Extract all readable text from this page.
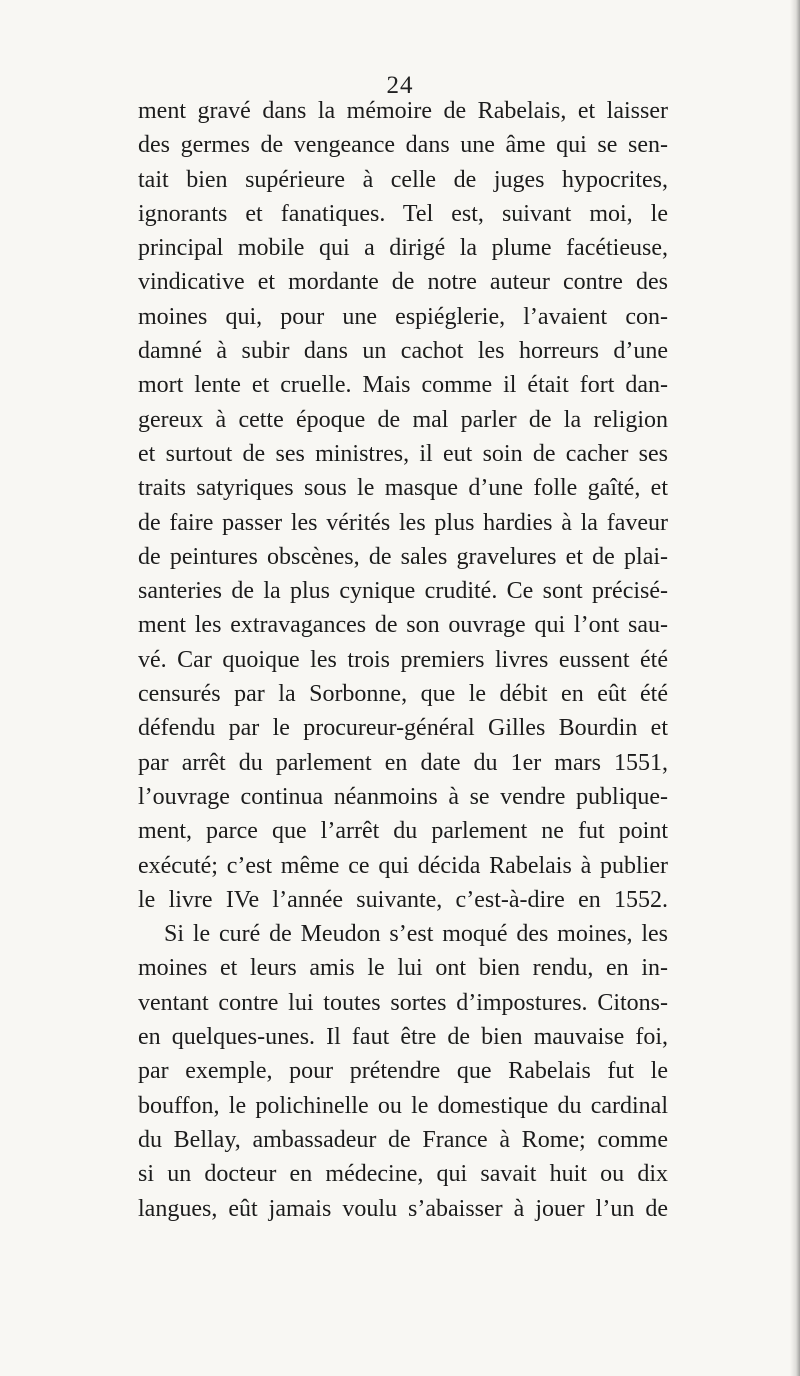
24
ment gravé dans la mémoire de Rabelais, et laisser
des germes de vengeance dans une âme qui se sen-
tait bien supérieure à celle de juges hypocrites,
ignorants et fanatiques. Tel est, suivant moi, le
principal mobile qui a dirigé la plume facétieuse,
vindicative et mordante de notre auteur contre des
moines qui, pour une espiéglerie, l’avaient con-
damné à subir dans un cachot les horreurs d’une
mort lente et cruelle. Mais comme il était fort dan-
gereux à cette époque de mal parler de la religion
et surtout de ses ministres, il eut soin de cacher ses
traits satyriques sous le masque d’une folle gaîté, et
de faire passer les vérités les plus hardies à la faveur
de peintures obscènes, de sales gravelures et de plai-
santeries de la plus cynique crudité. Ce sont précisé-
ment les extravagances de son ouvrage qui l’ont sau-
vé. Car quoique les trois premiers livres eussent été
censurés par la Sorbonne, que le débit en eût été
défendu par le procureur-général Gilles Bourdin et
par arrêt du parlement en date du 1er mars 1551,
l’ouvrage continua néanmoins à se vendre publique-
ment, parce que l’arrêt du parlement ne fut point
exécuté; c’est même ce qui décida Rabelais à publier
le livre IVe l’année suivante, c’est-à-dire en 1552.
Si le curé de Meudon s’est moqué des moines, les
moines et leurs amis le lui ont bien rendu, en in-
ventant contre lui toutes sortes d’impostures. Citons-
en quelques-unes. Il faut être de bien mauvaise foi,
par exemple, pour prétendre que Rabelais fut le
bouffon, le polichinelle ou le domestique du cardinal
du Bellay, ambassadeur de France à Rome; comme
si un docteur en médecine, qui savait huit ou dix
langues, eût jamais voulu s’abaisser à jouer l’un de
